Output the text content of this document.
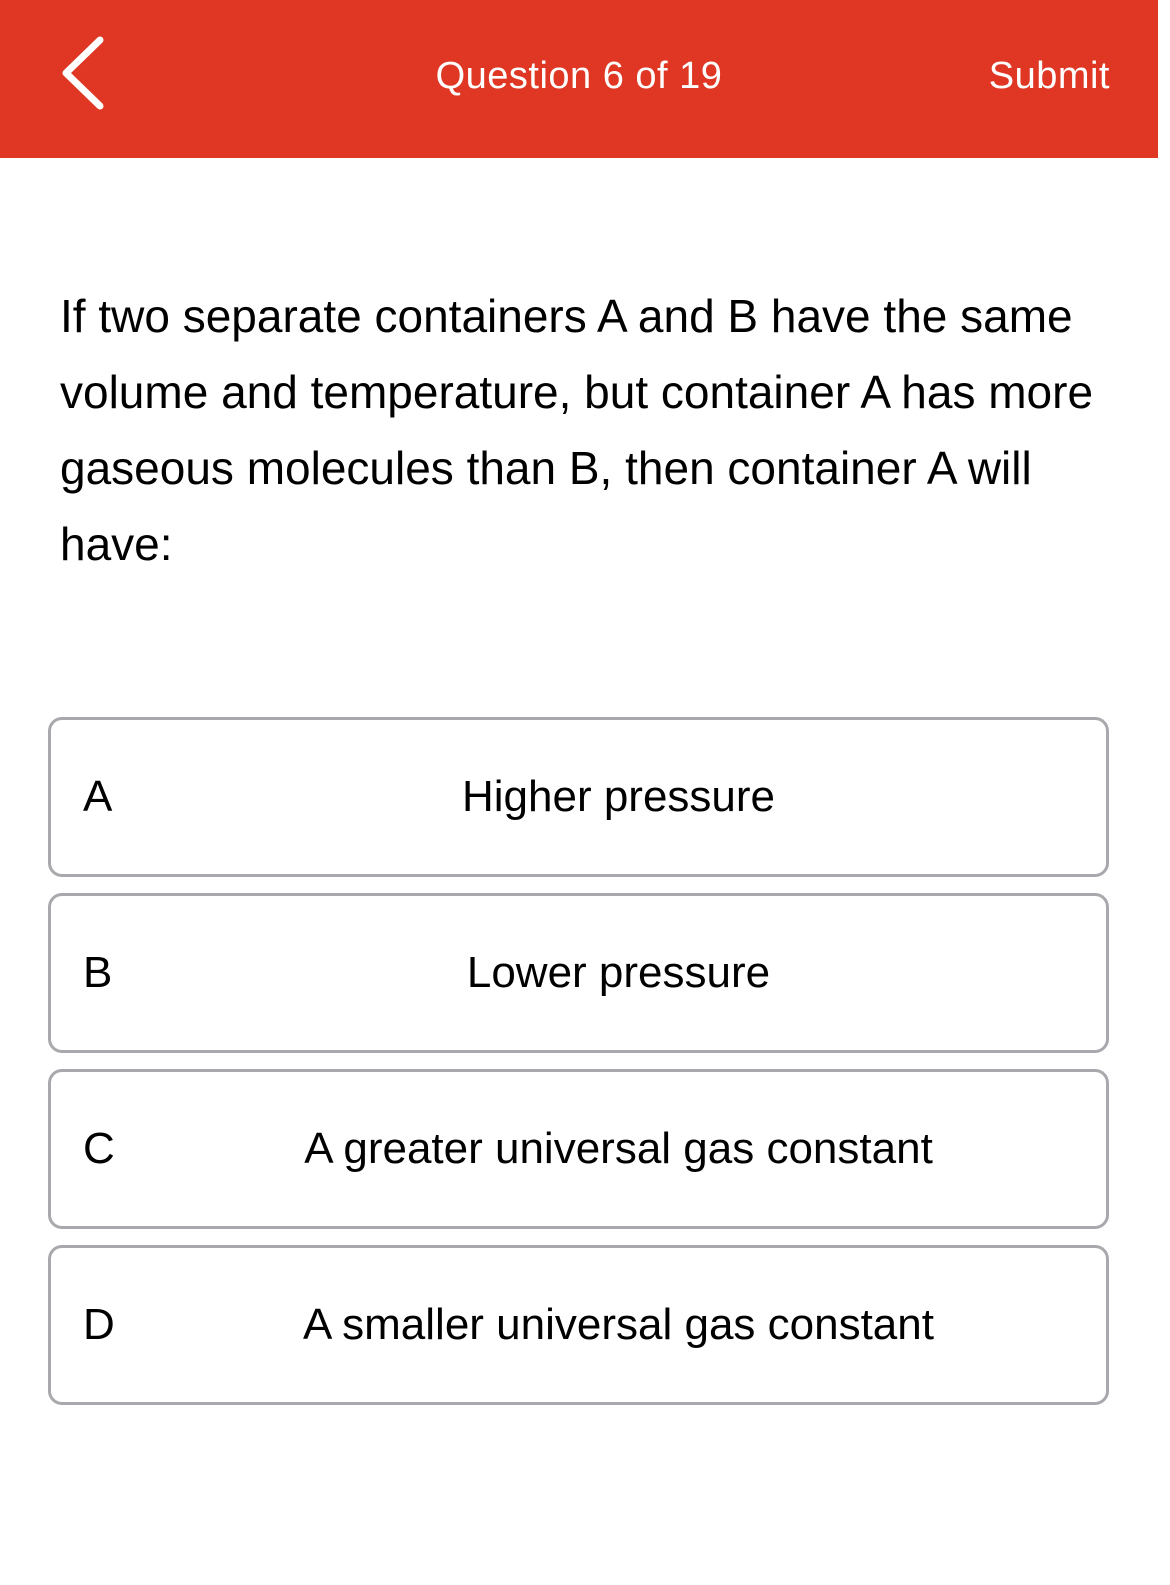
Question 6 of 19	Submit
If two separate containers A and B have the same volume and temperature, but container A has more gaseous molecules than B, then container A will have:
A	Higher pressure
B	Lower pressure
C	A greater universal gas constant
D	A smaller universal gas constant
